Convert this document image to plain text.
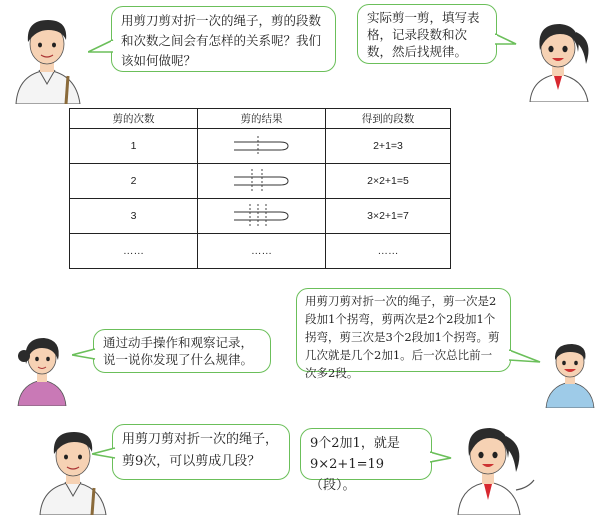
用剪刀剪对折一次的绳子，剪的段数和次数之间会有怎样的关系呢？我们该如何做呢？
实际剪一剪，填写表格，记录段数和次数，然后找规律。
剪的次数	剪的结果	得到的段数
1		2+1=3
2		2×2+1=5
3		3×2+1=7
……	……	……
通过动手操作和观察记录，说一说你发现了什么规律。
用剪刀剪对折一次的绳子，剪一次是2段加1个拐弯，剪两次是2个2段加1个拐弯，剪三次是3个2段加1个拐弯。剪几次就是几个2加1。后一次总比前一次多2段。
用剪刀剪对折一次的绳子，剪9次，可以剪成几段？
9个2加1，就是
9×2+1=19（段）。
